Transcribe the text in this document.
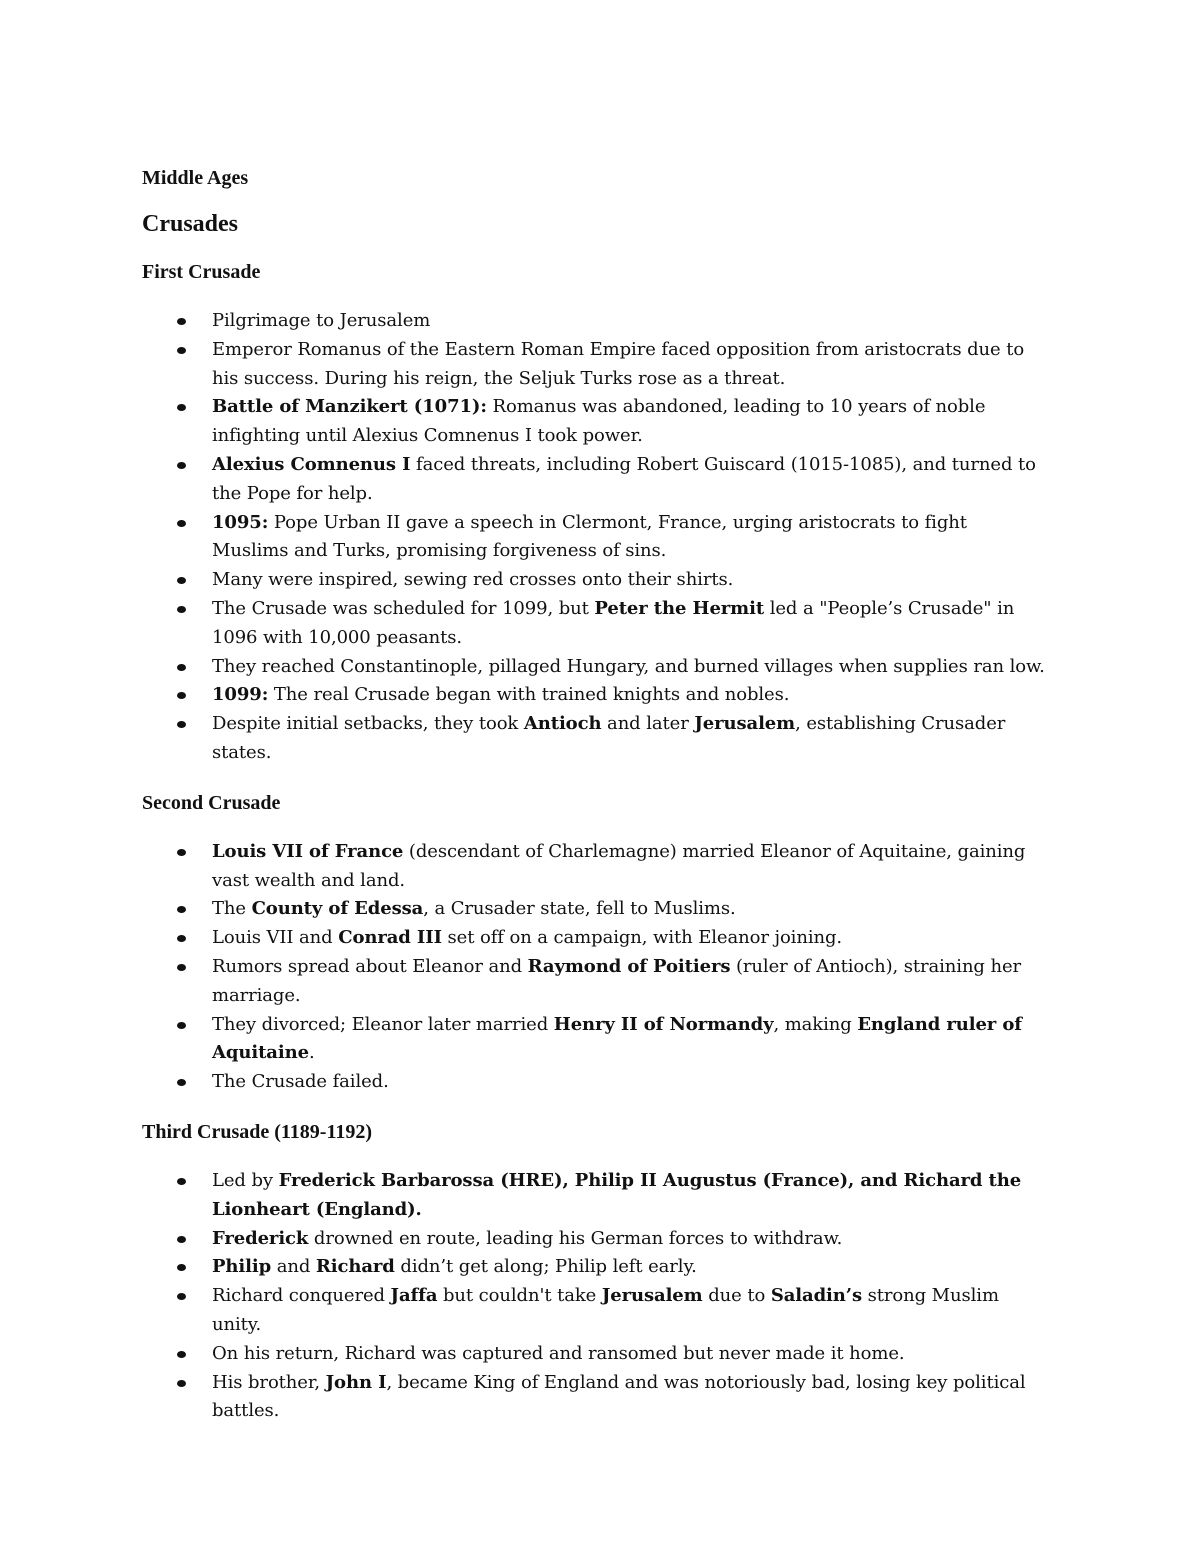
Middle Ages
Crusades
First Crusade
Pilgrimage to Jerusalem
Emperor Romanus of the Eastern Roman Empire faced opposition from aristocrats due to his success. During his reign, the Seljuk Turks rose as a threat.
Battle of Manzikert (1071): Romanus was abandoned, leading to 10 years of noble infighting until Alexius Comnenus I took power.
Alexius Comnenus I faced threats, including Robert Guiscard (1015-1085), and turned to the Pope for help.
1095: Pope Urban II gave a speech in Clermont, France, urging aristocrats to fight Muslims and Turks, promising forgiveness of sins.
Many were inspired, sewing red crosses onto their shirts.
The Crusade was scheduled for 1099, but Peter the Hermit led a "People’s Crusade" in 1096 with 10,000 peasants.
They reached Constantinople, pillaged Hungary, and burned villages when supplies ran low.
1099: The real Crusade began with trained knights and nobles.
Despite initial setbacks, they took Antioch and later Jerusalem, establishing Crusader states.
Second Crusade
Louis VII of France (descendant of Charlemagne) married Eleanor of Aquitaine, gaining vast wealth and land.
The County of Edessa, a Crusader state, fell to Muslims.
Louis VII and Conrad III set off on a campaign, with Eleanor joining.
Rumors spread about Eleanor and Raymond of Poitiers (ruler of Antioch), straining her marriage.
They divorced; Eleanor later married Henry II of Normandy, making England ruler of Aquitaine.
The Crusade failed.
Third Crusade (1189-1192)
Led by Frederick Barbarossa (HRE), Philip II Augustus (France), and Richard the Lionheart (England).
Frederick drowned en route, leading his German forces to withdraw.
Philip and Richard didn’t get along; Philip left early.
Richard conquered Jaffa but couldn't take Jerusalem due to Saladin’s strong Muslim unity.
On his return, Richard was captured and ransomed but never made it home.
His brother, John I, became King of England and was notoriously bad, losing key political battles.
